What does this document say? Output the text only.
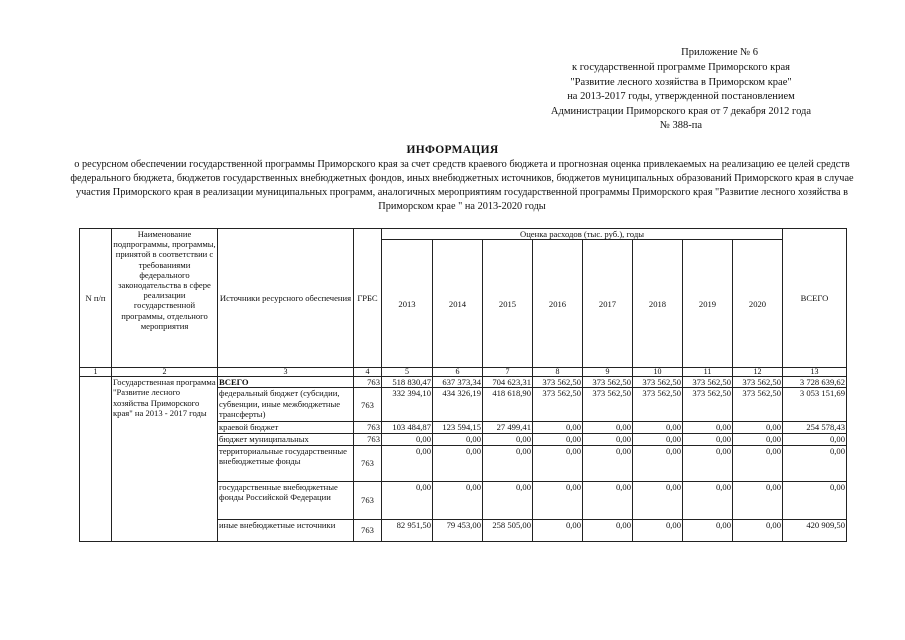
Приложение № 6
к государственной программе Приморского края
"Развитие лесного хозяйства в Приморском крае"
на 2013-2017 годы, утвержденной постановлением
Администрации Приморского края от 7 декабря 2012 года
№ 388-па
ИНФОРМАЦИЯ
о ресурсном обеспечении государственной программы Приморского края за счет средств краевого бюджета и прогнозная оценка привлекаемых на реализацию ее целей средств федерального бюджета, бюджетов государственных внебюджетных фондов, иных внебюджетных источников, бюджетов муниципальных образований Приморского края в случае участия Приморского края в реализации муниципальных программ, аналогичных мероприятиям государственной программы Приморского края "Развитие лесного хозяйства в Приморском крае " на 2013-2020 годы
N п/п	Наименование подпрограммы, программы, принятой в соответствии с требованиями федерального законодательства в сфере реализации государственной программы, отдельного мероприятия	Источники ресурсного обеспечения	ГРБС	Оценка расходов (тыс. руб.), годы								ВСЕГО
				2013	2014	2015	2016	2017	2018	2019	2020	
1	2	3	4	5	6	7	8	9	10	11	12	13
	Государственная программа "Развитие лесного хозяйства Приморского края" на 2013 - 2017 годы	ВСЕГО	763	518 830,47	637 373,34	704 623,31	373 562,50	373 562,50	373 562,50	373 562,50	373 562,50	3 728 639,62
		федеральный бюджет (субсидии, субвенции, иные межбюджетные трансферты)	763	332 394,10	434 326,19	418 618,90	373 562,50	373 562,50	373 562,50	373 562,50	373 562,50	3 053 151,69
		краевой бюджет	763	103 484,87	123 594,15	27 499,41	0,00	0,00	0,00	0,00	0,00	254 578,43
		бюджет муниципальных	763	0,00	0,00	0,00	0,00	0,00	0,00	0,00	0,00	0,00
		территориальные государственные внебюджетные фонды	763	0,00	0,00	0,00	0,00	0,00	0,00	0,00	0,00	0,00
		государственные внебюджетные фонды Российской Федерации	763	0,00	0,00	0,00	0,00	0,00	0,00	0,00	0,00	0,00
		иные внебюджетные источники	763	82 951,50	79 453,00	258 505,00	0,00	0,00	0,00	0,00	0,00	420 909,50
